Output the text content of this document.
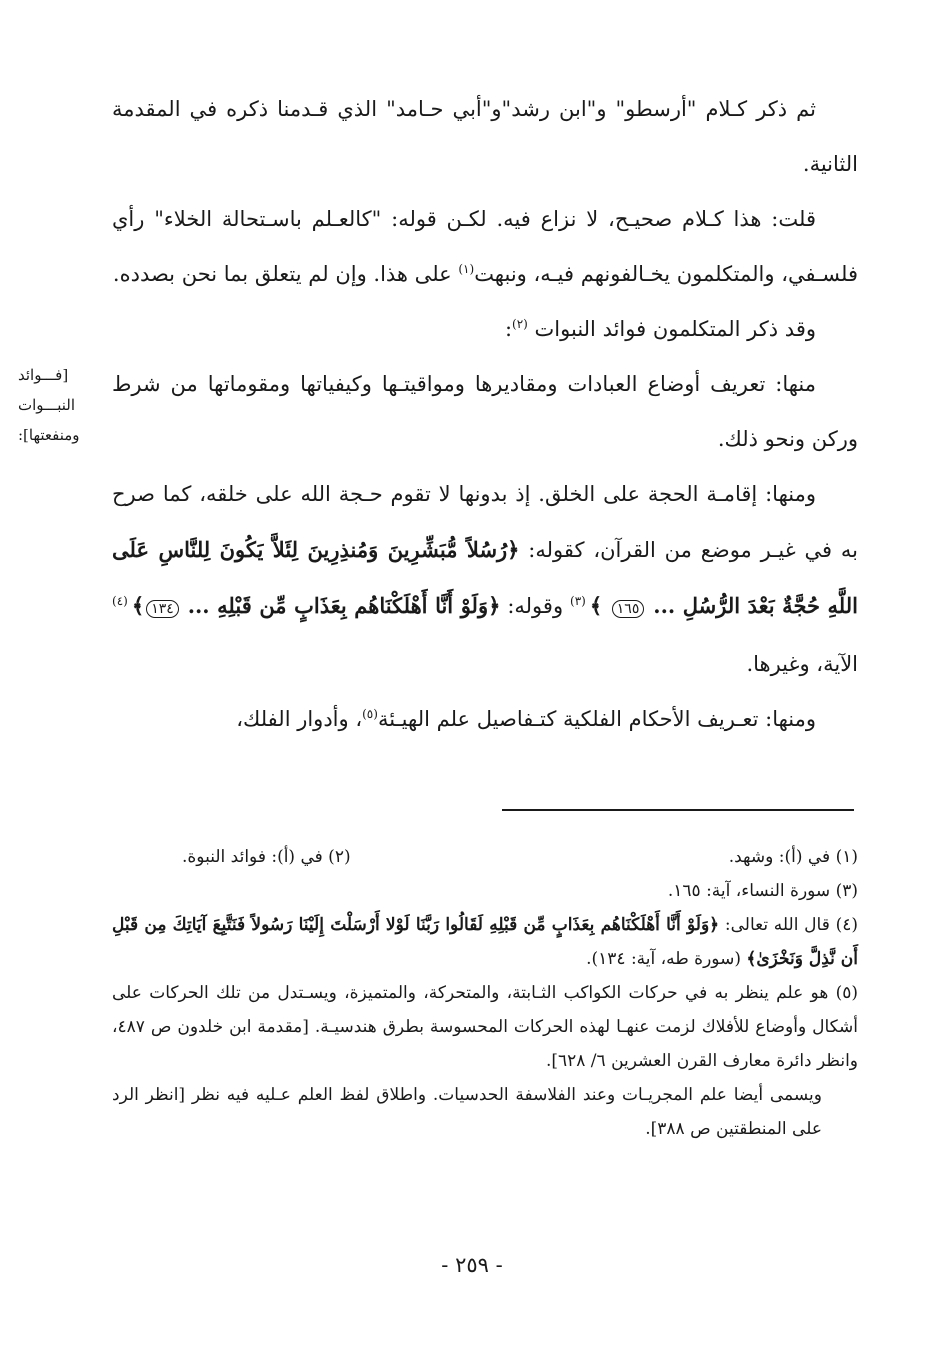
ثم ذكر كـلام "أرسطو" و"ابن رشد"و"أبي حـامد" الذي قـدمنا ذكره في المقدمة الثانية.

قلت: هذا كـلام صحيـح، لا نزاع فيه. لكـن قوله: "كالعـلم باسـتحالة الخلاء" رأي فلسـفي، والمتكلمون يخـالفونهم فيـه، ونبهت$^{(١)}$ على هذا. وإن لم يتعلق بما نحن بصدده.

وقد ذكر المتكلمون فوائد النبوات $^{(٢)}$:

منها: تعريف أوضاع العبادات ومقاديرها ومواقيتـها وكيفياتها ومقوماتها من شرط وركن ونحو ذلك.

ومنها: إقامـة الحجة على الخلق. إذ بدونها لا تقوم حـجة الله على خلقه، كما صرح به في غيـر موضع من القرآن، كقوله: ﴿رُسُلاً مُّبَشِّرِينَ وَمُنذِرِينَ لِئَلاَّ يَكُونَ لِلنَّاسِ عَلَى اللَّهِ حُجَّةٌ بَعْدَ الرُّسُلِ ... ١٦٥ ﴾ $^{(٣)}$ وقوله: ﴿وَلَوْ أَنَّا أَهْلَكْنَاهُم بِعَذَابٍ مِّن قَبْلِهِ ... ١٣٤﴾ $^{(٤)}$ الآية، وغيرها.

ومنها: تعـريف الأحكام الفلكية كتـفاصيل علم الهيـئة$^{(٥)}$، وأدوار الفلك،

[فـــوائد النبـــوات ومنفعتها]:
(١) في (أ): وشهد.
(٢) في (أ): فوائد النبوة.

(٣) سورة النساء، آية: ١٦٥.

(٤) قال الله تعالى: ﴿وَلَوْ أَنَّا أَهْلَكْنَاهُم بِعَذَابٍ مِّن قَبْلِهِ لَقَالُوا رَبَّنَا لَوْلا أَرْسَلْتَ إِلَيْنَا رَسُولاً فَنَتَّبِعَ آيَاتِكَ مِن قَبْلِ أَن نَّذِلَّ وَنَخْزَىٰ﴾ (سورة طه، آية: ١٣٤).

(٥) هو علم ينظر به في حركات الكواكب الثـابتة، والمتحركة، والمتميزة، ويسـتدل من تلك الحركات على أشكال وأوضاع للأفلاك لزمت عنهـا لهذه الحركات المحسوسة بطرق هندسيـة. [مقدمة ابن خلدون ص ٤٨٧، وانظر دائرة معارف القرن العشرين ٦/ ٦٢٨].

ويسمى أيضا علم المجريـات وعند الفلاسفة الحدسيات. واطلاق لفظ العلم عـليه فيه نظر [انظر الرد على المنطقتين ص ٣٨٨].

- ٢٥٩ -
